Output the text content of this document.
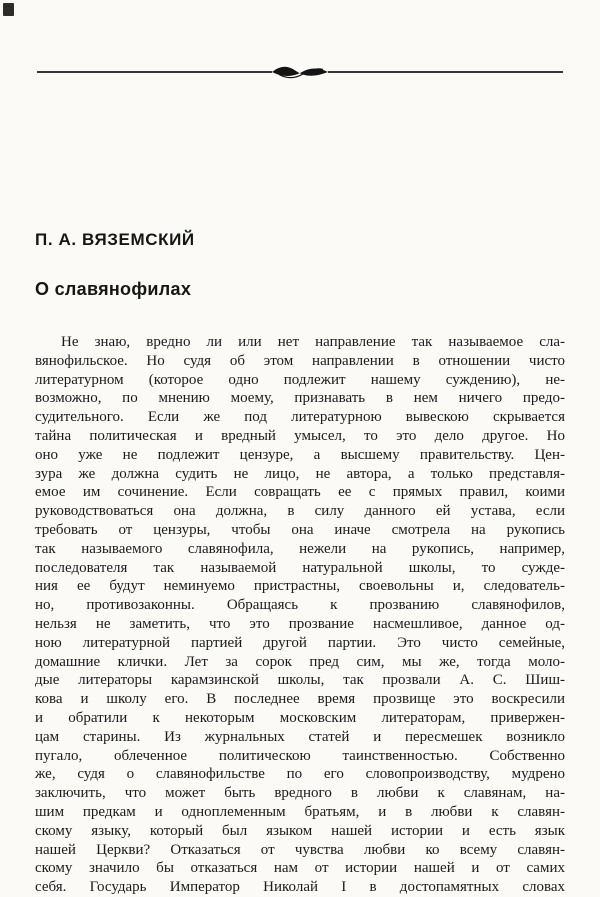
П. А. ВЯЗЕМСКИЙ
О славянофилах
Не знаю, вредно ли или нет направление так называемое сла-
вянофильское. Но судя об этом направлении в отношении чисто
литературном (которое одно подлежит нашему суждению), не-
возможно, по мнению моему, признавать в нем ничего предо-
судительного. Если же под литературною вывескою скрывается
тайна политическая и вредный умысел, то это дело другое. Но
оно уже не подлежит цензуре, а высшему правительству. Цен-
зура же должна судить не лицо, не автора, а только представля-
емое им сочинение. Если совращать ее с прямых правил, коими
руководствоваться она должна, в силу данного ей устава, если
требовать от цензуры, чтобы она иначе смотрела на рукопись
так называемого славянофила, нежели на рукопись, например,
последователя так называемой натуральной школы, то сужде-
ния ее будут неминуемо пристрастны, своевольны и, следователь-
но, противозаконны. Обращаясь к прозванию славянофилов,
нельзя не заметить, что это прозвание насмешливое, данное од-
ною литературной партией другой партии. Это чисто семейные,
домашние клички. Лет за сорок пред сим, мы же, тогда моло-
дые литераторы карамзинской школы, так прозвали А. С. Шиш-
кова и школу его. В последнее время прозвище это воскресили
и обратили к некоторым московским литераторам, привержен-
цам старины. Из журнальных статей и пересмешек возникло
пугало, облеченное политическою таинственностью. Собственно
же, судя о славянофильстве по его словопроизводству, мудрено
заключить, что может быть вредного в любви к славянам, на-
шим предкам и одноплеменным братьям, и в любви к славян-
скому языку, который был языком нашей истории и есть язык
нашей Церкви? Отказаться от чувства любви ко всему славян-
скому значило бы отказаться нам от истории нашей и от самих
себя. Государь Император Николай I в достопамятных словах
